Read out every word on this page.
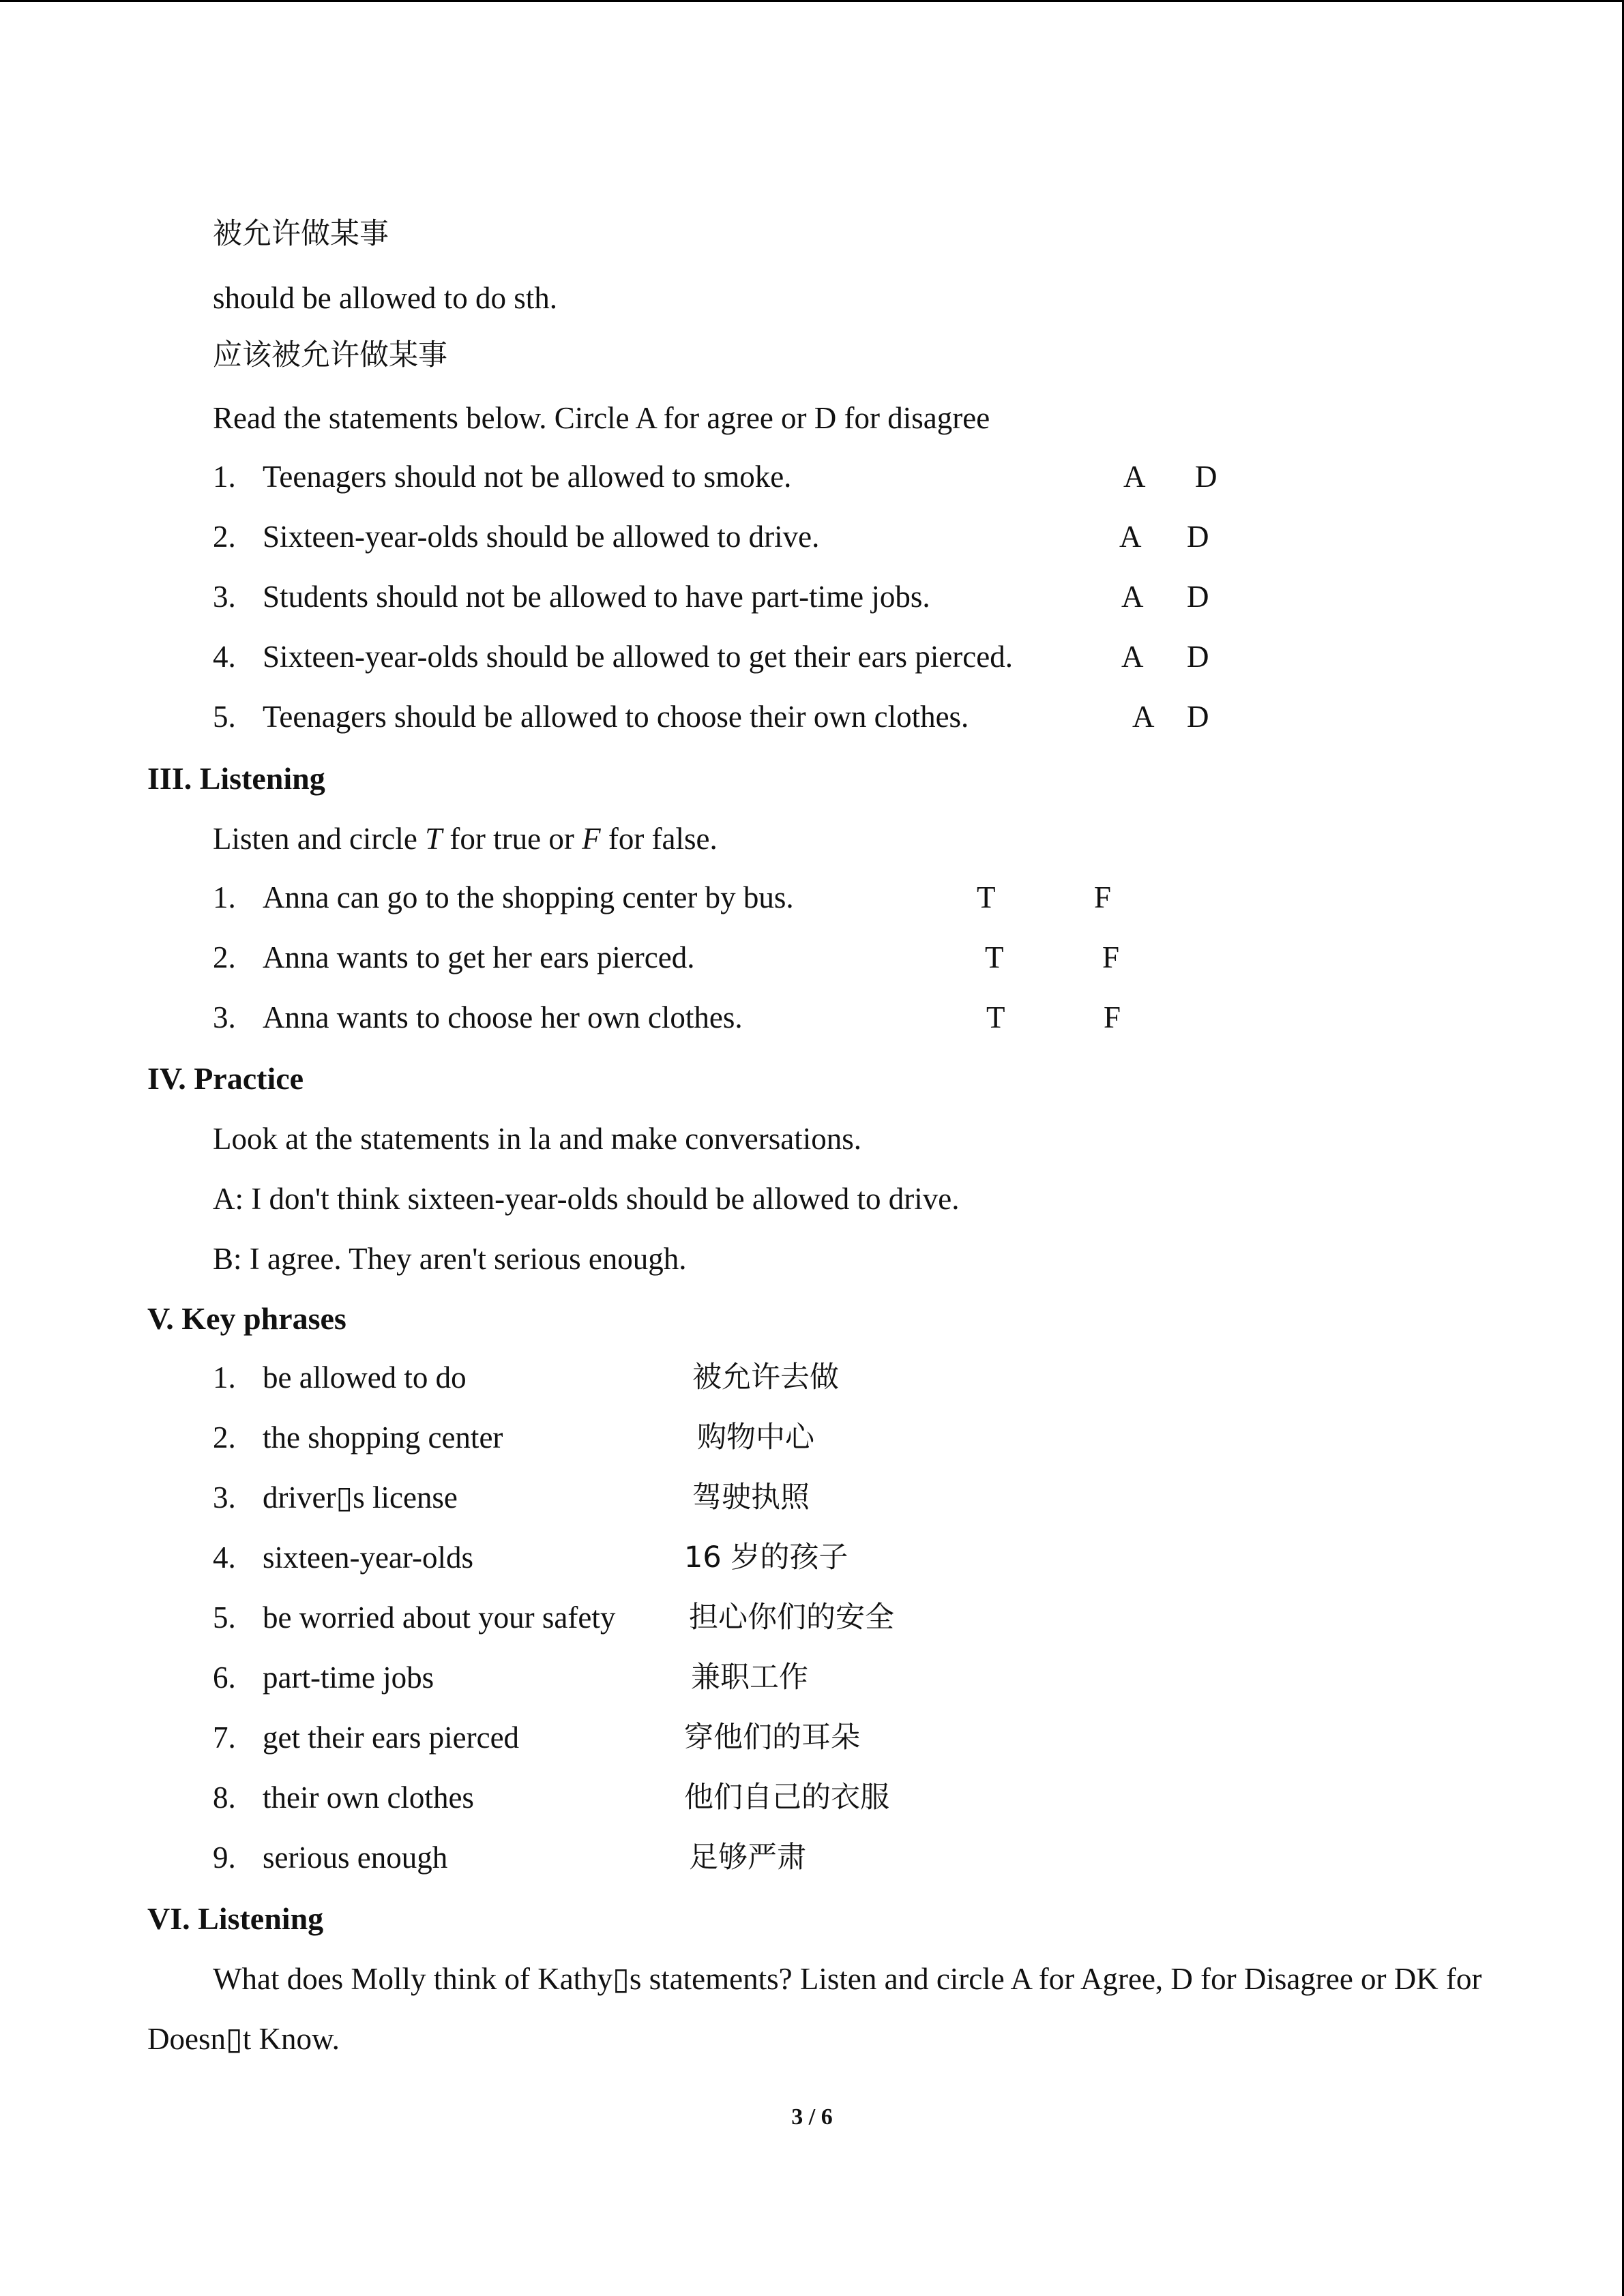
被允许做某事
should be allowed to do sth.
应该被允许做某事
Read the statements below. Circle A for agree or D for disagree
1. Teenagers should not be allowed to smoke.	A D
2. Sixteen-year-olds should be allowed to drive.	A D
3. Students should not be allowed to have part-time jobs.	A D
4. Sixteen-year-olds should be allowed to get their ears pierced.	A D
5. Teenagers should be allowed to choose their own clothes.	A D
III. Listening
Listen and circle T for true or F for false.
1. Anna can go to the shopping center by bus.	T	F
2. Anna wants to get her ears pierced.	T	F
3. Anna wants to choose her own clothes.	T	F
IV. Practice
Look at the statements in la and make conversations.
A: I don't think sixteen-year-olds should be allowed to drive.
B: I agree. They aren't serious enough.
V. Key phrases
1. be allowed to do	被允许去做
2. the shopping center	购物中心
3. driver▯s license	驾驶执照
4. sixteen-year-olds	16 岁的孩子
5. be worried about your safety	担心你们的安全
6. part-time jobs	兼职工作
7. get their ears pierced	穿他们的耳朵
8. their own clothes	他们自己的衣服
9. serious enough	足够严肃
VI. Listening
What does Molly think of Kathy▯s statements? Listen and circle A for Agree, D for Disagree or DK for Doesn▯t Know.
3 / 6
